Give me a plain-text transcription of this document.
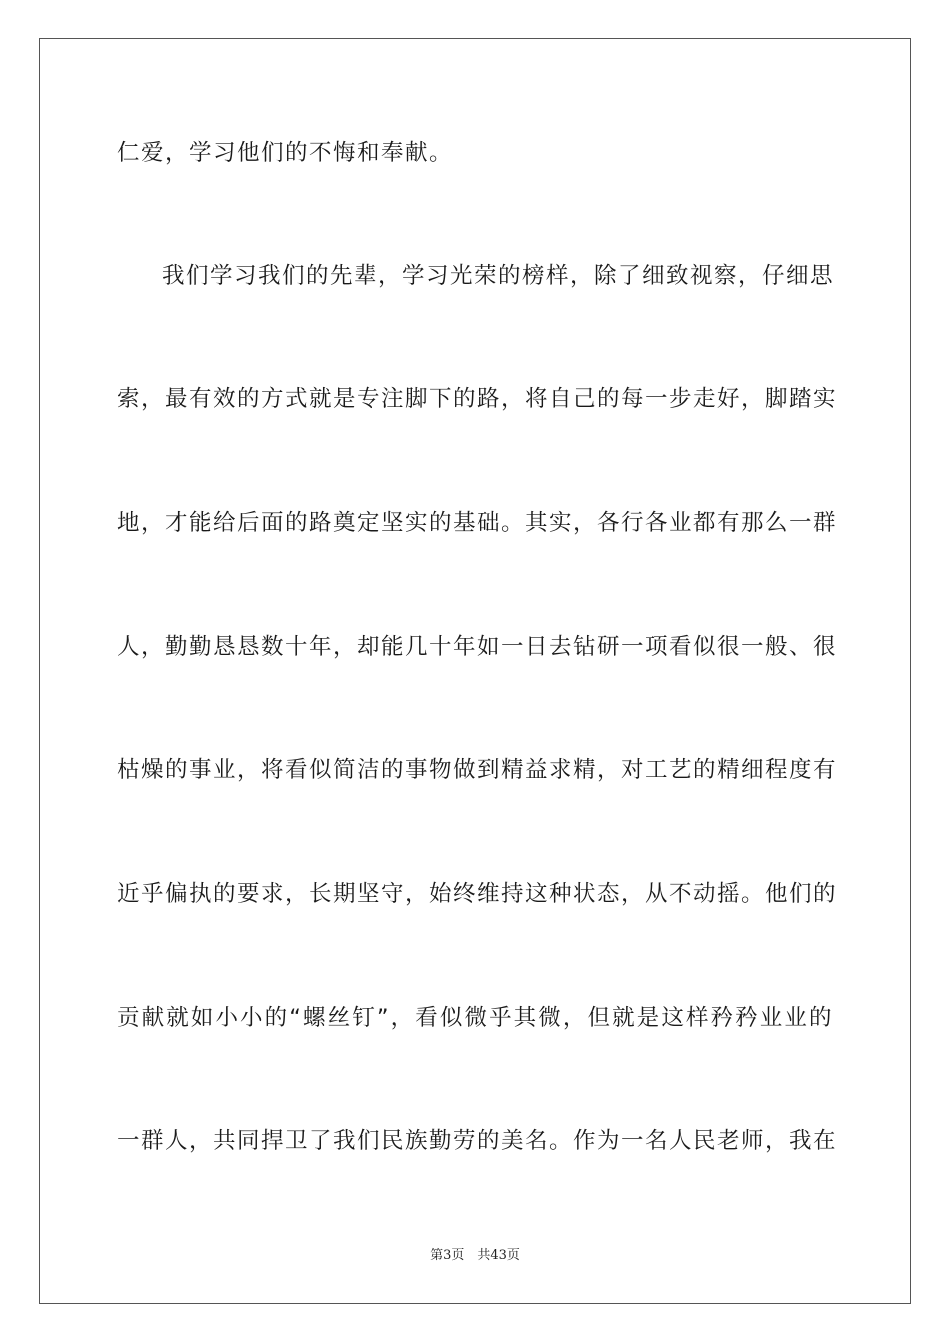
仁爱，学习他们的不悔和奉献。
我们学习我们的先辈，学习光荣的榜样，除了细致视察，仔细思
索，最有效的方式就是专注脚下的路，将自己的每一步走好，脚踏实
地，才能给后面的路奠定坚实的基础。其实，各行各业都有那么一群
人，勤勤恳恳数十年，却能几十年如一日去钻研一项看似很一般、很
枯燥的事业，将看似简洁的事物做到精益求精，对工艺的精细程度有
近乎偏执的要求，长期坚守，始终维持这种状态，从不动摇。他们的
贡献就如小小的“螺丝钉”，看似微乎其微，但就是这样矜矜业业的
一群人，共同捍卫了我们民族勤劳的美名。作为一名人民老师，我在
第3页　共43页
